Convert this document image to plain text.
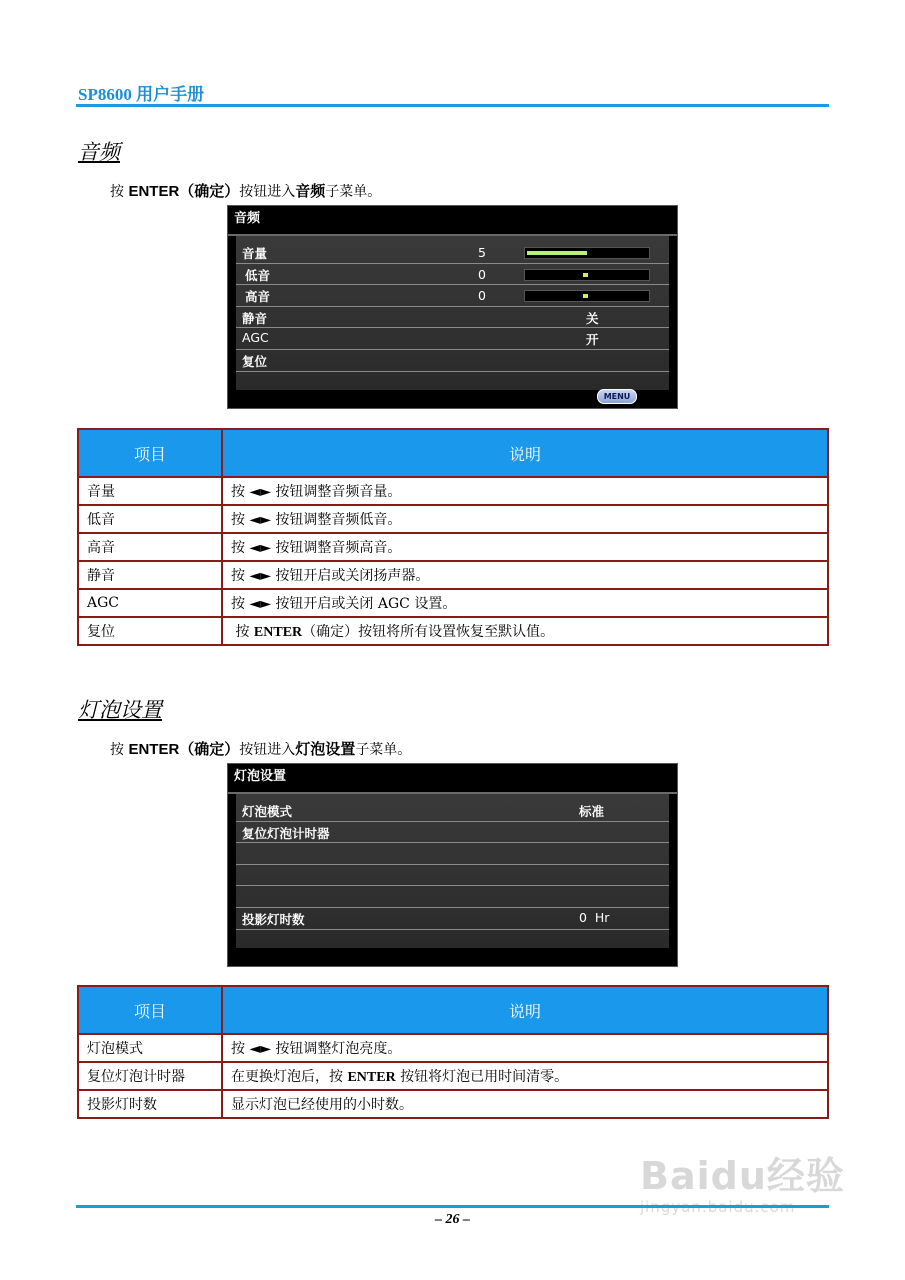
SP8600 用户手册
音频
按 ENTER（确定）按钮进入音频子菜单。
音频
音量	5
低音	0
高音	0
静音	关
AGC	开
复位
MENU
项目	说明
音量	按 ◄► 按钮调整音频音量。
低音	按 ◄► 按钮调整音频低音。
高音	按 ◄► 按钮调整音频高音。
静音	按 ◄► 按钮开启或关闭扬声器。
AGC	按 ◄► 按钮开启或关闭 AGC 设置。
复位	按 ENTER（确定）按钮将所有设置恢复至默认值。
灯泡设置
按 ENTER（确定）按钮进入灯泡设置子菜单。
灯泡设置
灯泡模式	标准
复位灯泡计时器
投影灯时数	0  Hr
项目	说明
灯泡模式	按 ◄► 按钮调整灯泡亮度。
复位灯泡计时器	在更换灯泡后，按 ENTER 按钮将灯泡已用时间清零。
投影灯时数	显示灯泡已经使用的小时数。
Baidu经验
– 26 –
